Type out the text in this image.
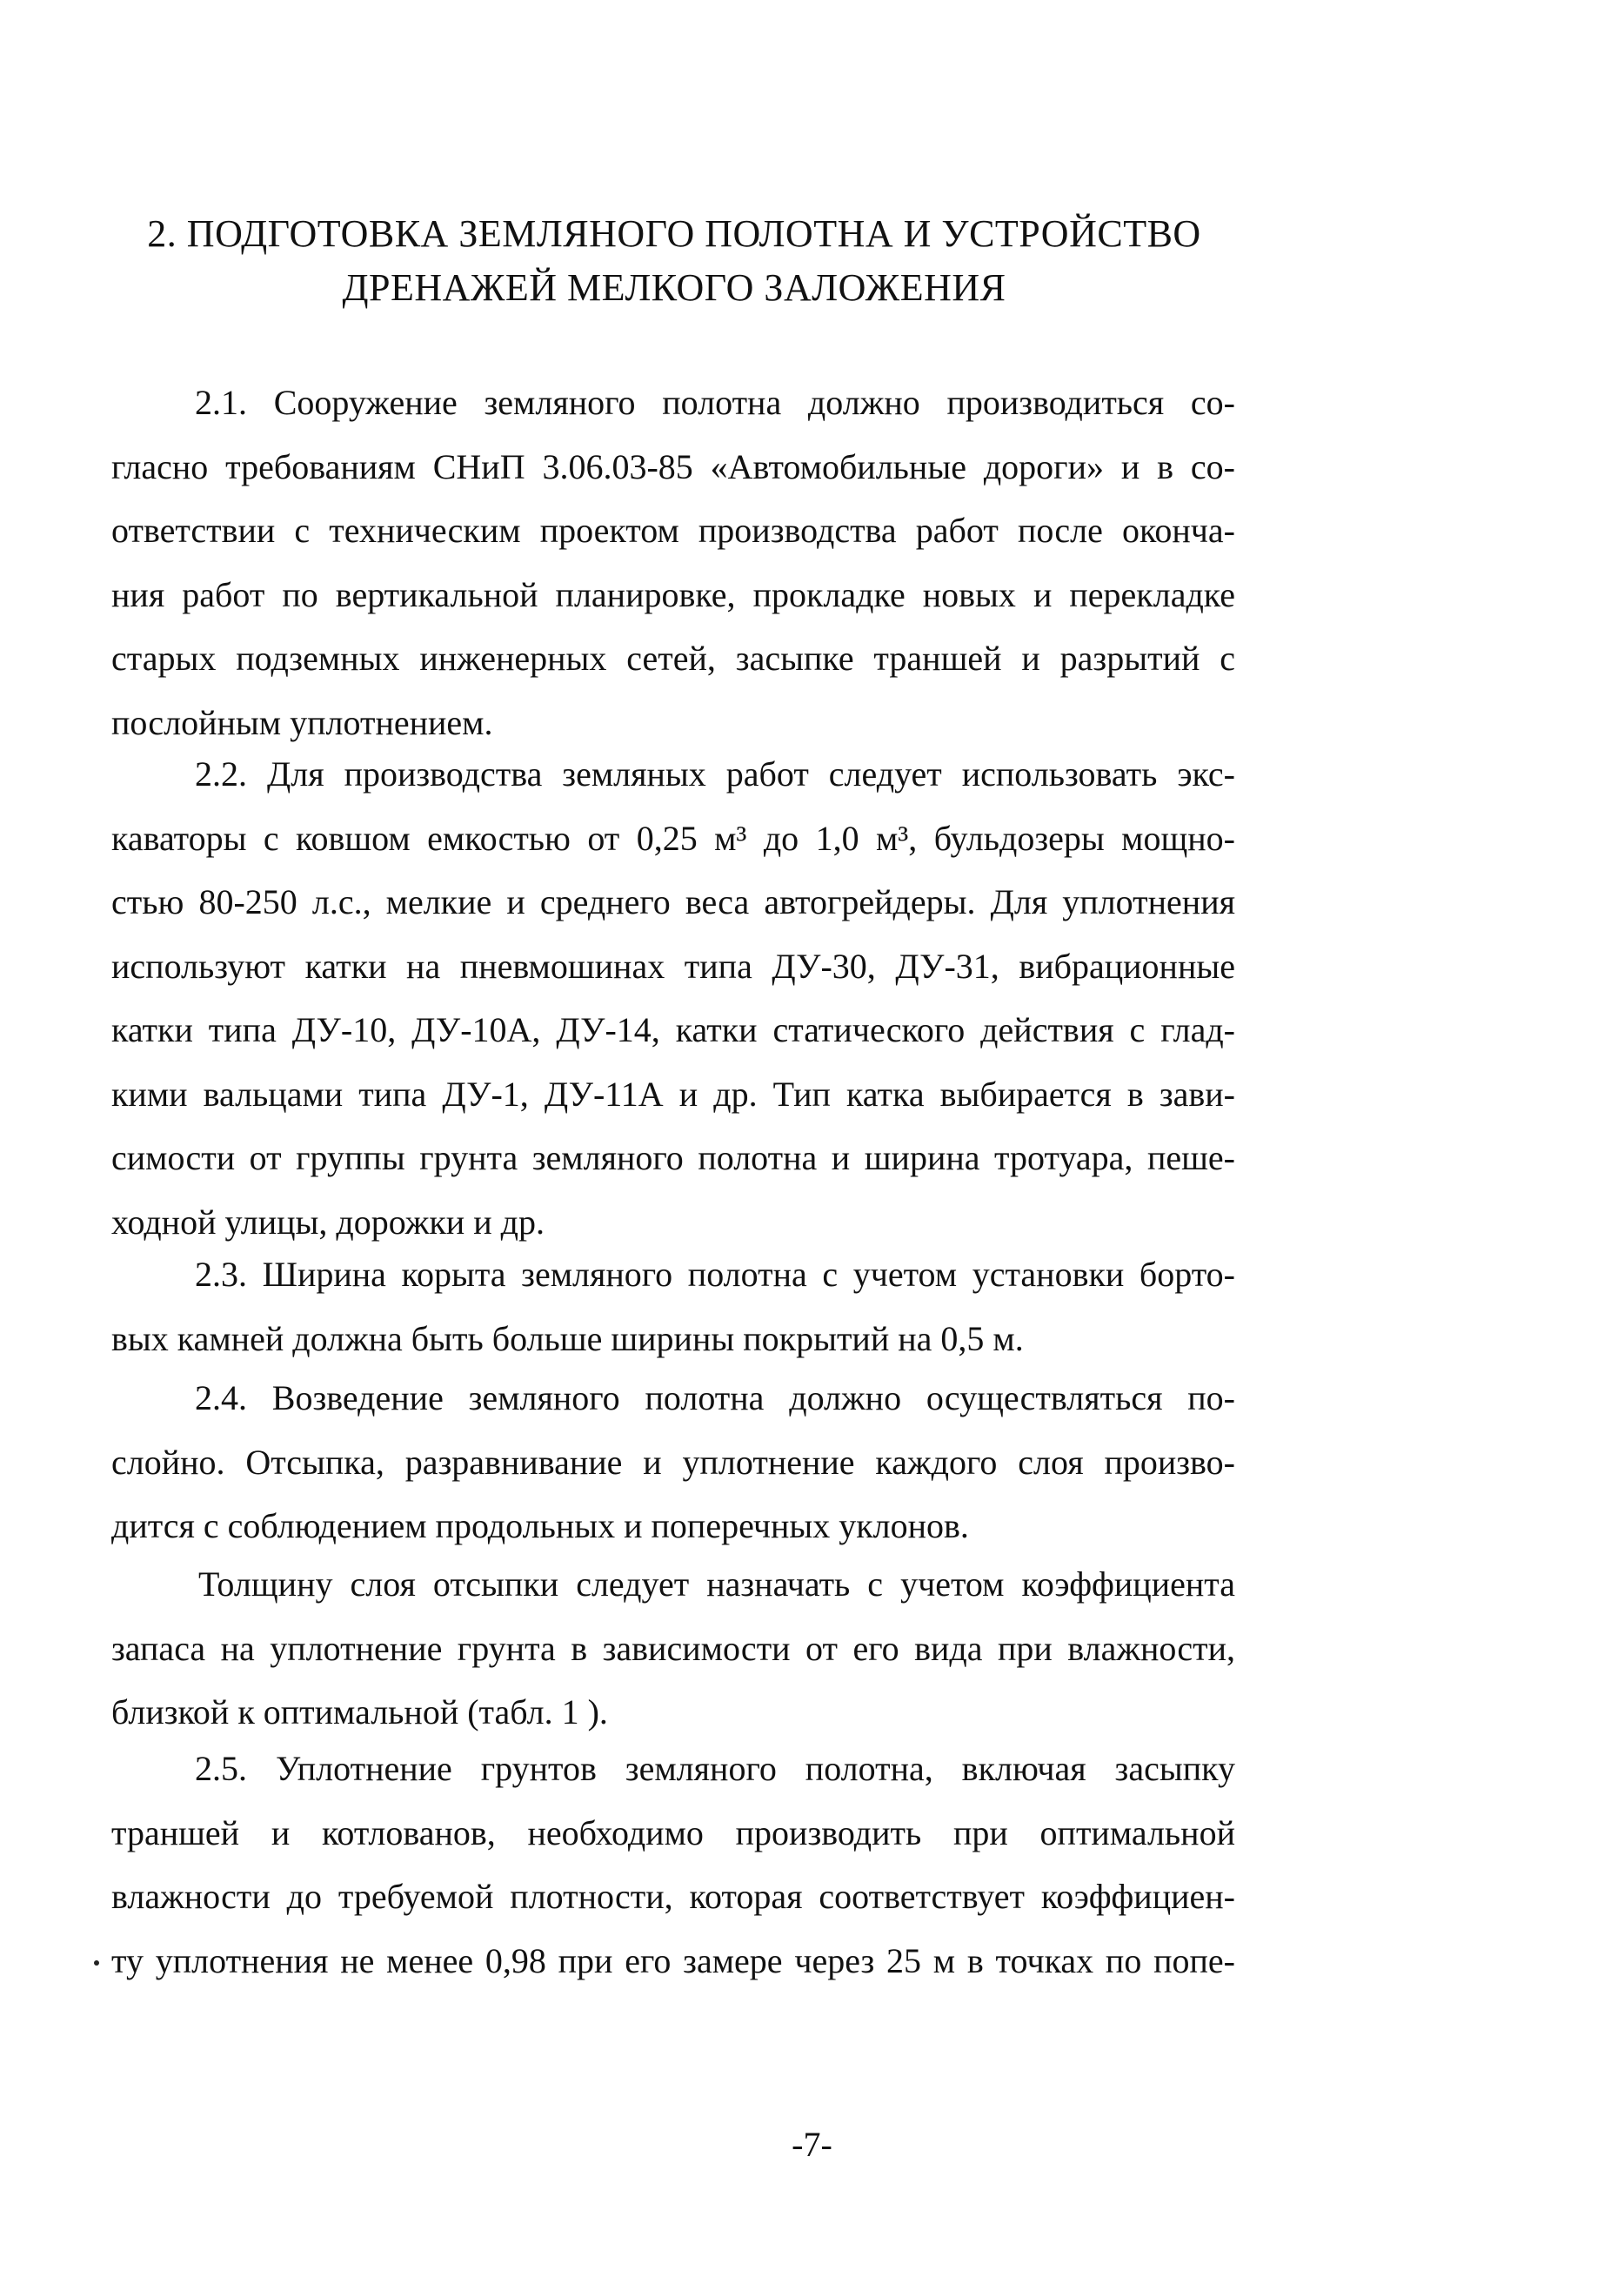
2. ПОДГОТОВКА ЗЕМЛЯНОГО ПОЛОТНА И УСТРОЙСТВО
ДРЕНАЖЕЙ МЕЛКОГО ЗАЛОЖЕНИЯ

2.1. Сооружение земляного полотна должно производиться со-
гласно требованиям СНиП 3.06.03-85 «Автомобильные дороги» и в со-
ответствии с техническим проектом производства работ после оконча-
ния работ по вертикальной планировке, прокладке новых и перекладке
старых подземных инженерных сетей, засыпке траншей и разрытий с
послойным уплотнением.

2.2. Для производства земляных работ следует использовать экс-
каваторы с ковшом емкостью от 0,25 м³ до 1,0 м³, бульдозеры мощно-
стью 80-250 л.с., мелкие и среднего веса автогрейдеры. Для уплотнения
используют катки на пневмошинах типа ДУ-30, ДУ-31, вибрационные
катки типа ДУ-10, ДУ-10А, ДУ-14, катки статического действия с глад-
кими вальцами типа ДУ-1, ДУ-11А и др. Тип катка выбирается в зави-
симости от группы грунта земляного полотна и ширина тротуара, пеше-
ходной улицы, дорожки и др.

2.3. Ширина корыта земляного полотна с учетом установки борто-
вых камней должна быть больше ширины покрытий на 0,5 м.

2.4. Возведение земляного полотна должно осуществляться по-
слойно. Отсыпка, разравнивание и уплотнение каждого слоя произво-
дится с соблюдением продольных и поперечных уклонов.

Толщину слоя отсыпки следует назначать с учетом коэффициента
запаса на уплотнение грунта в зависимости от его вида при влажности,
близкой к оптимальной (табл. 1 ).

2.5. Уплотнение грунтов земляного полотна, включая засыпку
траншей и котлованов, необходимо производить при оптимальной
влажности до требуемой плотности, которая соответствует коэффициен-
ту уплотнения не менее 0,98 при его замере через 25 м в точках по попе-

-7-
